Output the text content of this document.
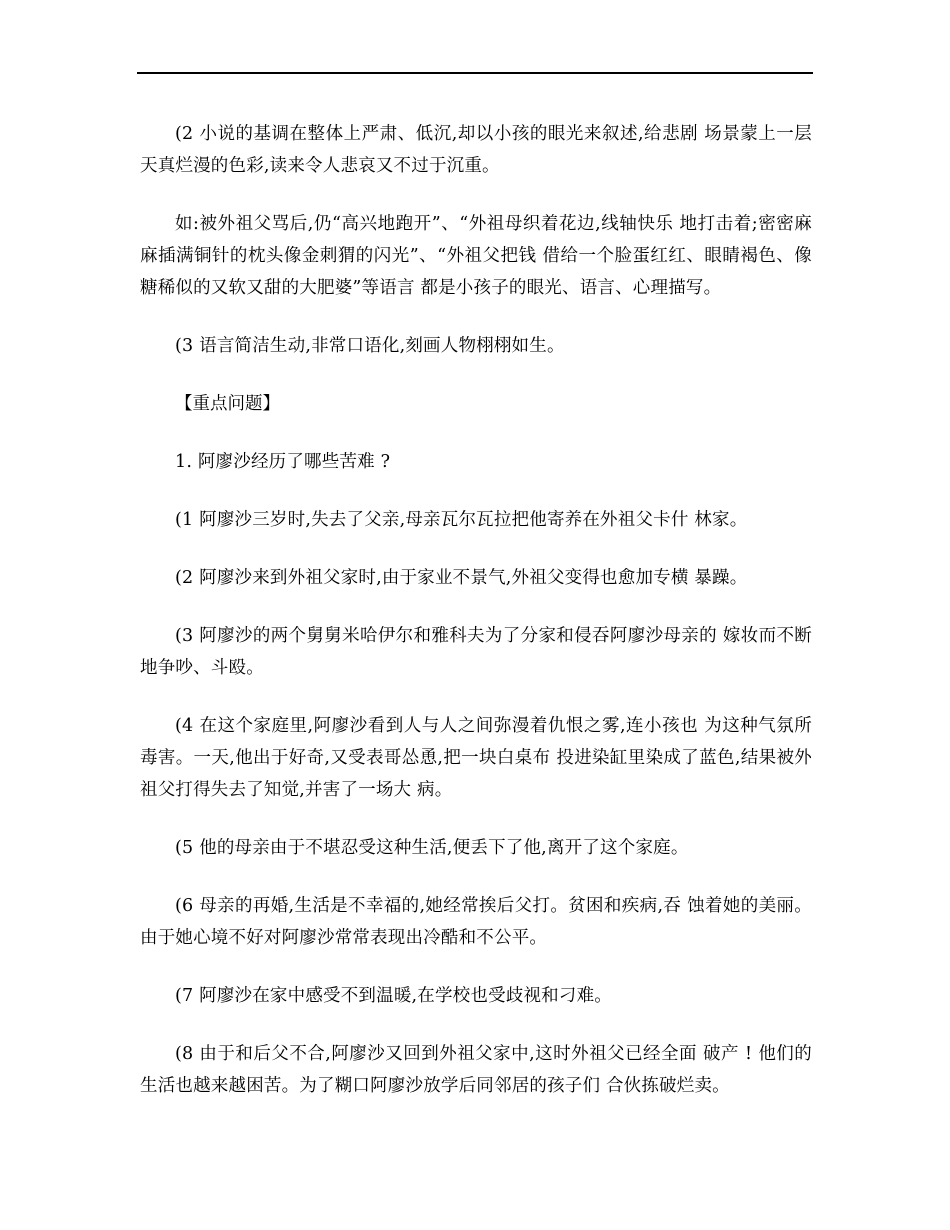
(2 小说的基调在整体上严肃、低沉,却以小孩的眼光来叙述,给悲剧 场景蒙上一层天真烂漫的色彩,读来令人悲哀又不过于沉重。

如:被外祖父骂后,仍“高兴地跑开”、“外祖母织着花边,线轴快乐 地打击着;密密麻麻插满铜针的枕头像金刺猬的闪光”、“外祖父把钱 借给一个脸蛋红红、眼睛褐色、像糖稀似的又软又甜的大肥婆”等语言 都是小孩子的眼光、语言、心理描写。

(3 语言简洁生动,非常口语化,刻画人物栩栩如生。

【重点问题】

1. 阿廖沙经历了哪些苦难 ?

(1 阿廖沙三岁时,失去了父亲,母亲瓦尔瓦拉把他寄养在外祖父卡什 林家。

(2 阿廖沙来到外祖父家时,由于家业不景气,外祖父变得也愈加专横 暴躁。

(3 阿廖沙的两个舅舅米哈伊尔和雅科夫为了分家和侵吞阿廖沙母亲的 嫁妆而不断地争吵、斗殴。

(4 在这个家庭里,阿廖沙看到人与人之间弥漫着仇恨之雾,连小孩也 为这种气氛所毒害。一天,他出于好奇,又受表哥怂恿,把一块白桌布 投进染缸里染成了蓝色,结果被外祖父打得失去了知觉,并害了一场大 病。

(5 他的母亲由于不堪忍受这种生活,便丢下了他,离开了这个家庭。

(6 母亲的再婚,生活是不幸福的,她经常挨后父打。贫困和疾病,吞 蚀着她的美丽。由于她心境不好对阿廖沙常常表现出冷酷和不公平。

(7 阿廖沙在家中感受不到温暖,在学校也受歧视和刁难。

(8 由于和后父不合,阿廖沙又回到外祖父家中,这时外祖父已经全面 破产 ! 他们的生活也越来越困苦。为了糊口阿廖沙放学后同邻居的孩子们 合伙拣破烂卖。
